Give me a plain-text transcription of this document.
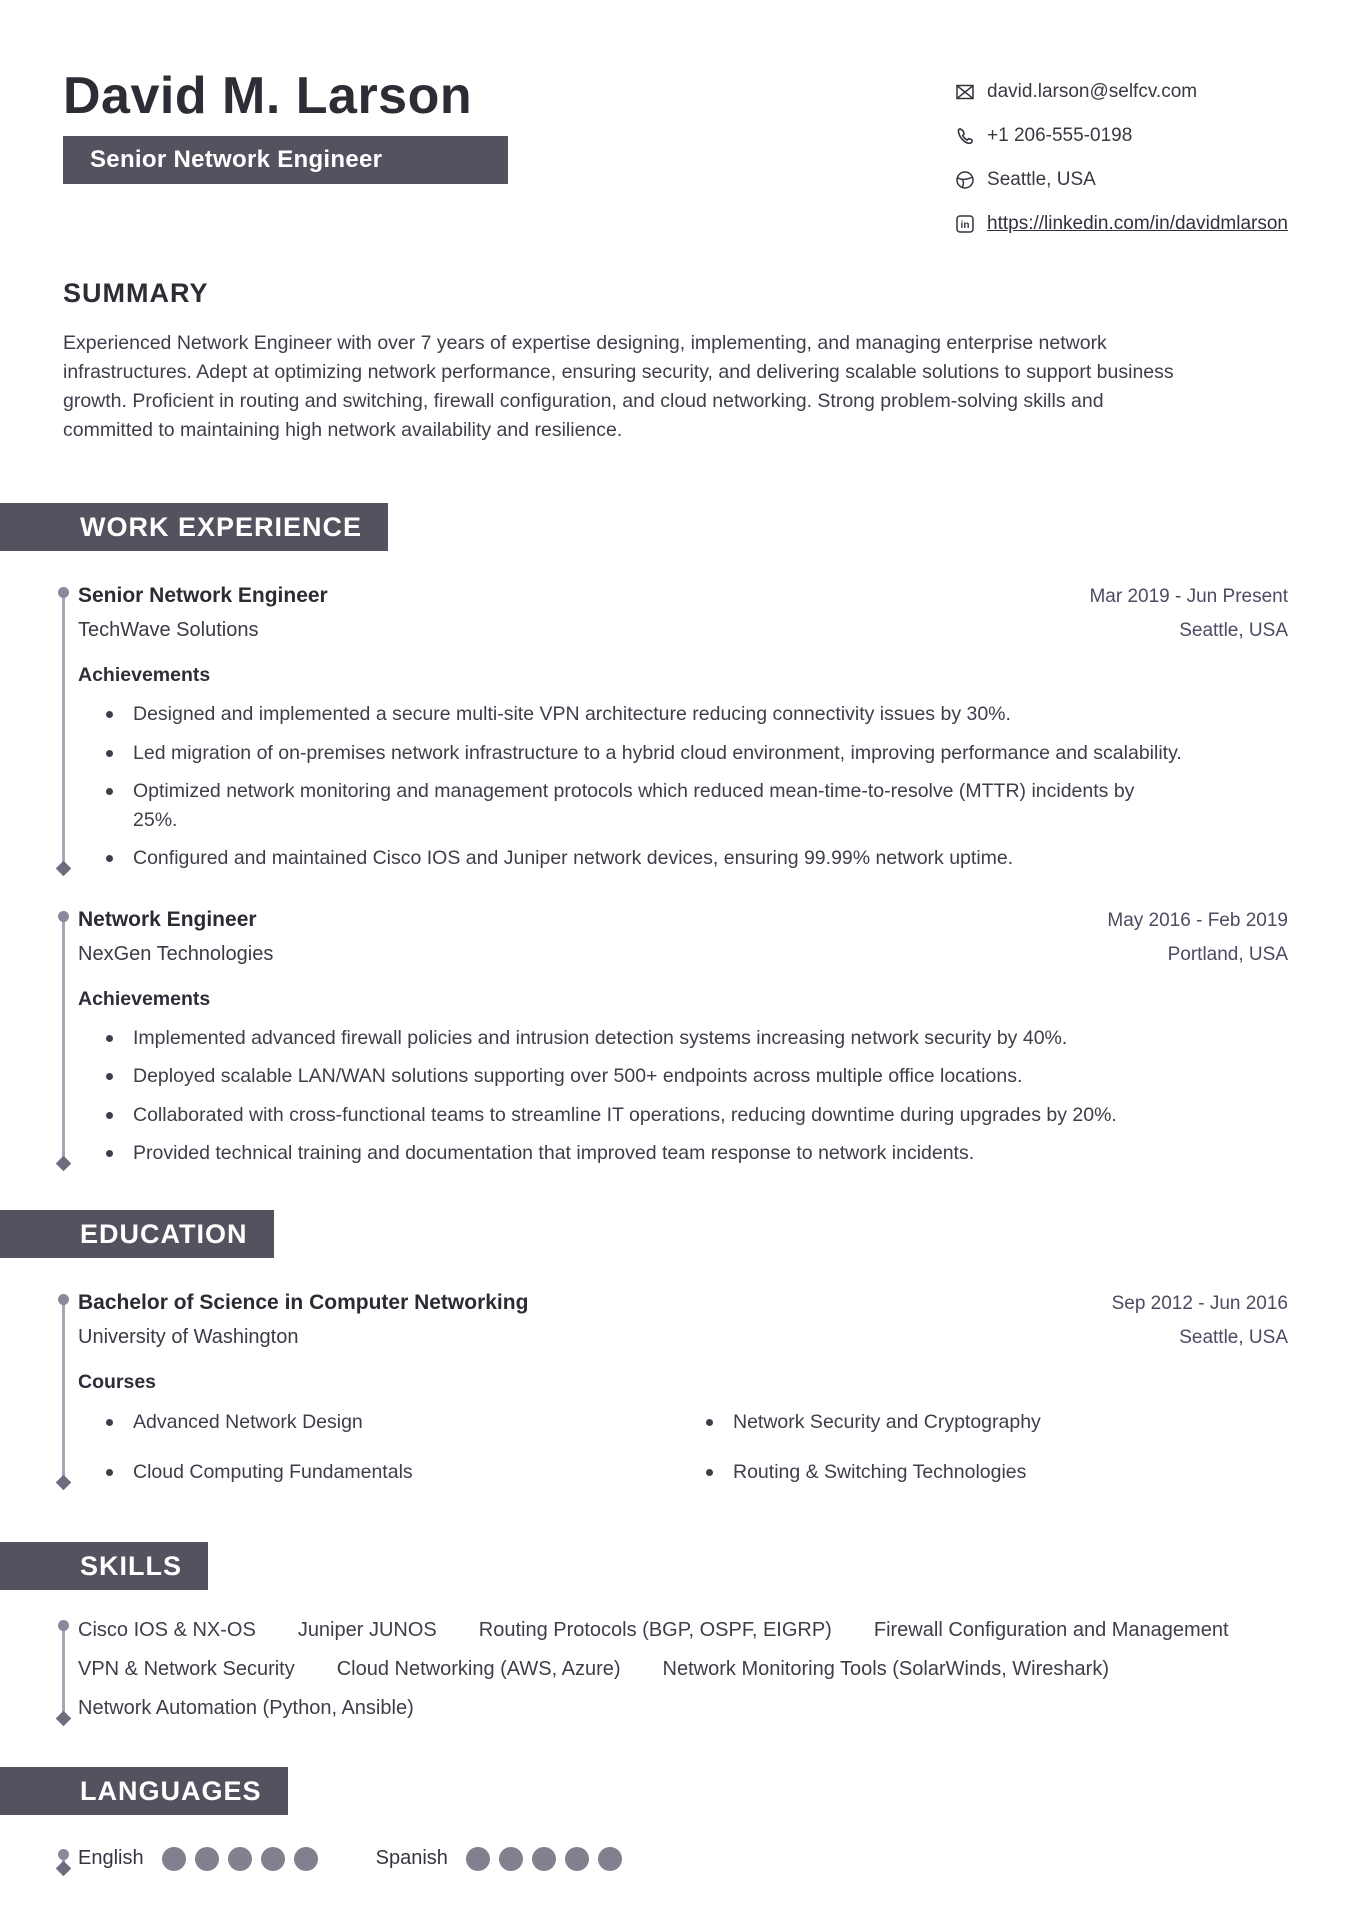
David M. Larson
Senior Network Engineer
david.larson@selfcv.com
+1 206-555-0198
Seattle, USA
in https://linkedin.com/in/davidmlarson
SUMMARY

Experienced Network Engineer with over 7 years of expertise designing, implementing, and managing enterprise network infrastructures. Adept at optimizing network performance, ensuring security, and delivering scalable solutions to support business growth. Proficient in routing and switching, firewall configuration, and cloud networking. Strong problem-solving skills and committed to maintaining high network availability and resilience.

WORK EXPERIENCE
Senior Network Engineer	Mar 2019 - Jun Present
TechWave Solutions	Seattle, USA
Achievements
Designed and implemented a secure multi-site VPN architecture reducing connectivity issues by 30%.
Led migration of on-premises network infrastructure to a hybrid cloud environment, improving performance and scalability.
Optimized network monitoring and management protocols which reduced mean-time-to-resolve (MTTR) incidents by 25%.
Configured and maintained Cisco IOS and Juniper network devices, ensuring 99.99% network uptime.
Network Engineer	May 2016 - Feb 2019
NexGen Technologies	Portland, USA
Achievements
Implemented advanced firewall policies and intrusion detection systems increasing network security by 40%.
Deployed scalable LAN/WAN solutions supporting over 500+ endpoints across multiple office locations.
Collaborated with cross-functional teams to streamline IT operations, reducing downtime during upgrades by 20%.
Provided technical training and documentation that improved team response to network incidents.
EDUCATION
Bachelor of Science in Computer Networking	Sep 2012 - Jun 2016
University of Washington	Seattle, USA
Courses
Advanced Network Design	Network Security and Cryptography
Cloud Computing Fundamentals	Routing & Switching Technologies
SKILLS
Cisco IOS & NX-OS Juniper JUNOS Routing Protocols (BGP, OSPF, EIGRP) Firewall Configuration and Management
VPN & Network Security Cloud Networking (AWS, Azure) Network Monitoring Tools (SolarWinds, Wireshark)
Network Automation (Python, Ansible)
LANGUAGES
English	Spanish
